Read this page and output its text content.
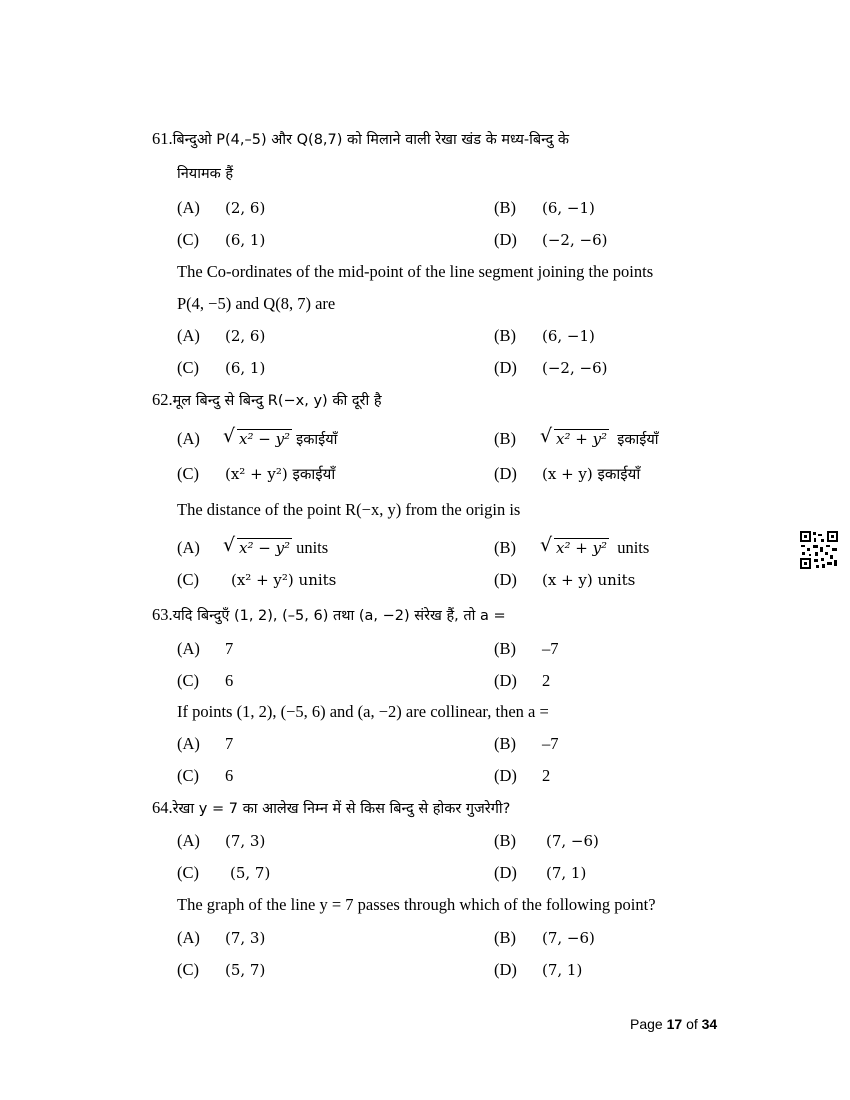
61.बिन्दुओ P(4,–5) और Q(8,7) को मिलाने वाली रेखा खंड के मध्य-बिन्दु के
नियामक हैं
(A) (2, 6)	(B) (6, −1)
(C) (6, 1)	(D) (−2, −6)
The Co-ordinates of the mid-point of the line segment joining the points
P(4, −5) and Q(8, 7) are
(A) (2, 6)	(B) (6, −1)
(C) (6, 1)	(D) (−2, −6)
62.मूल बिन्दु से बिन्दु R(−x, y) की दूरी है
(A)	√ x² − y² इकाईयाँ	(B)	√ x² + y² इकाईयाँ
(C) (x² + y²) इकाईयाँ	(D) (x + y) इकाईयाँ
The distance of the point R(−x, y) from the origin is
(A)	√ x² − y² units	(B)	√ x² + y² units
(C) (x² + y²) units	(D) (x + y) units
63.यदि बिन्दुएँ (1, 2), (–5, 6) तथा (a, −2) संरेख हैं, तो a =
(A) 7	(B) –7
(C) 6	(D) 2
If points (1, 2), (−5, 6) and (a, −2) are collinear, then a =
(A) 7	(B) –7
(C) 6	(D) 2
64.रेखा y = 7 का आलेख निम्न में से किस बिन्दु से होकर गुजरेगी?
(A) (7, 3)	(B) (7, −6)
(C) (5, 7)	(D) (7, 1)
The graph of the line y = 7 passes through which of the following point?
(A) (7, 3)	(B) (7, −6)
(C) (5, 7)	(D) (7, 1)
Page 17 of 34
